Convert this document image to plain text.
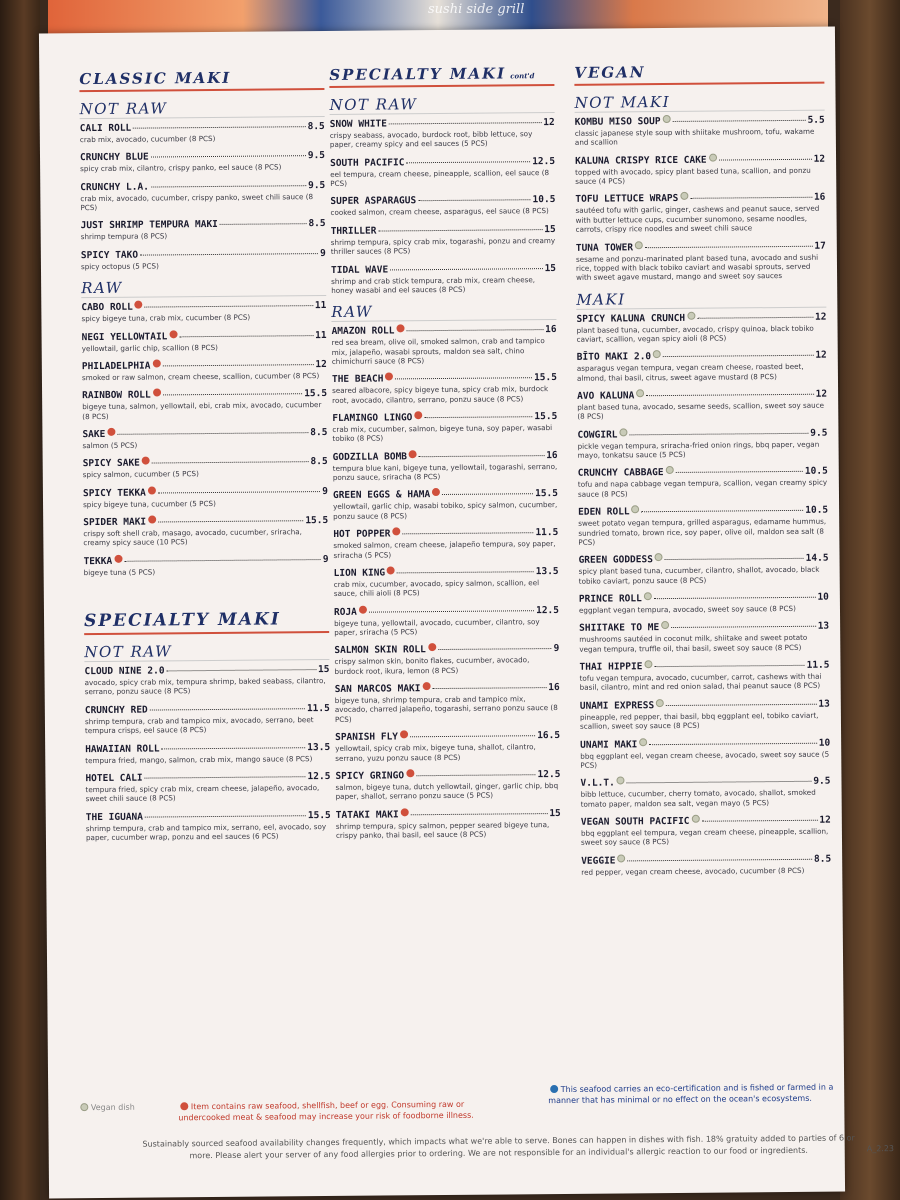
sushi side grill
CLASSIC MAKI
NOT RAW
CALI ROLL	8.5
crab mix, avocado, cucumber (8 PCS)
CRUNCHY BLUE	9.5
spicy crab mix, cilantro, crispy panko, eel sauce (8 PCS)
CRUNCHY L.A.	9.5
crab mix, avocado, cucumber, crispy panko, sweet chili sauce (8 PCS)
JUST SHRIMP TEMPURA MAKI	8.5
shrimp tempura (8 PCS)
SPICY TAKO	9
spicy octopus (5 PCS)
RAW
CABO ROLL	11
spicy bigeye tuna, crab mix, cucumber (8 PCS)
NEGI YELLOWTAIL	11
yellowtail, garlic chip, scallion (8 PCS)
PHILADELPHIA	12
smoked or raw salmon, cream cheese, scallion, cucumber (8 PCS)
RAINBOW ROLL	15.5
bigeye tuna, salmon, yellowtail, ebi, crab mix, avocado, cucumber (8 PCS)
SAKE	8.5
salmon (5 PCS)
SPICY SAKE	8.5
spicy salmon, cucumber (5 PCS)
SPICY TEKKA	9
spicy bigeye tuna, cucumber (5 PCS)
SPIDER MAKI	15.5
crispy soft shell crab, masago, avocado, cucumber, sriracha, creamy spicy sauce (10 PCS)
TEKKA	9
bigeye tuna (5 PCS)
SPECIALTY MAKI
NOT RAW
CLOUD NINE 2.0	15
avocado, spicy crab mix, tempura shrimp, baked seabass, cilantro, serrano, ponzu sauce (8 PCS)
CRUNCHY RED	11.5
shrimp tempura, crab and tampico mix, avocado, serrano, beet tempura crisps, eel sauce (8 PCS)
HAWAIIAN ROLL	13.5
tempura fried, mango, salmon, crab mix, mango sauce (8 PCS)
HOTEL CALI	12.5
tempura fried, spicy crab mix, cream cheese, jalapeño, avocado, sweet chili sauce (8 PCS)
THE IGUANA	15.5
shrimp tempura, crab and tampico mix, serrano, eel, avocado, soy paper, cucumber wrap, ponzu and eel sauces (6 PCS)
SPECIALTY MAKI cont'd
NOT RAW
SNOW WHITE	12
crispy seabass, avocado, burdock root, bibb lettuce, soy paper, creamy spicy and eel sauces (5 PCS)
SOUTH PACIFIC	12.5
eel tempura, cream cheese, pineapple, scallion, eel sauce (8 PCS)
SUPER ASPARAGUS	10.5
cooked salmon, cream cheese, asparagus, eel sauce (8 PCS)
THRILLER	15
shrimp tempura, spicy crab mix, togarashi, ponzu and creamy thriller sauces (8 PCS)
TIDAL WAVE	15
shrimp and crab stick tempura, crab mix, cream cheese, honey wasabi and eel sauces (8 PCS)
RAW
AMAZON ROLL	16
red sea bream, olive oil, smoked salmon, crab and tampico mix, jalapeño, wasabi sprouts, maldon sea salt, chino chimichurri sauce (8 PCS)
THE BEACH	15.5
seared albacore, spicy bigeye tuna, spicy crab mix, burdock root, avocado, cilantro, serrano, ponzu sauce (8 PCS)
FLAMINGO LINGO	15.5
crab mix, cucumber, salmon, bigeye tuna, soy paper, wasabi tobiko (8 PCS)
GODZILLA BOMB	16
tempura blue kani, bigeye tuna, yellowtail, togarashi, serrano, ponzu sauce, sriracha (8 PCS)
GREEN EGGS & HAMA	15.5
yellowtail, garlic chip, wasabi tobiko, spicy salmon, cucumber, ponzu sauce (8 PCS)
HOT POPPER	11.5
smoked salmon, cream cheese, jalapeño tempura, soy paper, sriracha (5 PCS)
LION KING	13.5
crab mix, cucumber, avocado, spicy salmon, scallion, eel sauce, chili aioli (8 PCS)
ROJA	12.5
bigeye tuna, yellowtail, avocado, cucumber, cilantro, soy paper, sriracha (5 PCS)
SALMON SKIN ROLL	9
crispy salmon skin, bonito flakes, cucumber, avocado, burdock root, ikura, lemon (8 PCS)
SAN MARCOS MAKI	16
bigeye tuna, shrimp tempura, crab and tampico mix, avocado, charred jalapeño, togarashi, serrano ponzu sauce (8 PCS)
SPANISH FLY	16.5
yellowtail, spicy crab mix, bigeye tuna, shallot, cilantro, serrano, yuzu ponzu sauce (8 PCS)
SPICY GRINGO	12.5
salmon, bigeye tuna, dutch yellowtail, ginger, garlic chip, bbq paper, shallot, serrano ponzu sauce (5 PCS)
TATAKI MAKI	15
shrimp tempura, spicy salmon, pepper seared bigeye tuna, crispy panko, thai basil, eel sauce (8 PCS)
VEGAN
NOT MAKI
KOMBU MISO SOUP	5.5
classic japanese style soup with shiitake mushroom, tofu, wakame and scallion
KALUNA CRISPY RICE CAKE	12
topped with avocado, spicy plant based tuna, scallion, and ponzu sauce (4 PCS)
TOFU LETTUCE WRAPS	16
sautéed tofu with garlic, ginger, cashews and peanut sauce, served with butter lettuce cups, cucumber sunomono, sesame noodles, carrots, crispy rice noodles and sweet chili sauce
TUNA TOWER	17
sesame and ponzu-marinated plant based tuna, avocado and sushi rice, topped with black tobiko caviart and wasabi sprouts, served with sweet agave mustard, mango and sweet soy sauces
MAKI
SPICY KALUNA CRUNCH	12
plant based tuna, cucumber, avocado, crispy quinoa, black tobiko caviart, scallion, vegan spicy aioli (8 PCS)
BĪTO MAKI 2.0	12
asparagus vegan tempura, vegan cream cheese, roasted beet, almond, thai basil, citrus, sweet agave mustard (8 PCS)
AVO KALUNA	12
plant based tuna, avocado, sesame seeds, scallion, sweet soy sauce (8 PCS)
COWGIRL	9.5
pickle vegan tempura, sriracha-fried onion rings, bbq paper, vegan mayo, tonkatsu sauce (5 PCS)
CRUNCHY CABBAGE	10.5
tofu and napa cabbage vegan tempura, scallion, vegan creamy spicy sauce (8 PCS)
EDEN ROLL	10.5
sweet potato vegan tempura, grilled asparagus, edamame hummus, sundried tomato, brown rice, soy paper, olive oil, maldon sea salt (8 PCS)
GREEN GODDESS	14.5
spicy plant based tuna, cucumber, cilantro, shallot, avocado, black tobiko caviart, ponzu sauce (8 PCS)
PRINCE ROLL	10
eggplant vegan tempura, avocado, sweet soy sauce (8 PCS)
SHIITAKE TO ME	13
mushrooms sautéed in coconut milk, shiitake and sweet potato vegan tempura, truffle oil, thai basil, sweet soy sauce (8 PCS)
THAI HIPPIE	11.5
tofu vegan tempura, avocado, cucumber, carrot, cashews with thai basil, cilantro, mint and red onion salad, thai peanut sauce (8 PCS)
UNAMI EXPRESS	13
pineapple, red pepper, thai basil, bbq eggplant eel, tobiko caviart, scallion, sweet soy sauce (8 PCS)
UNAMI MAKI	10
bbq eggplant eel, vegan cream cheese, avocado, sweet soy sauce (5 PCS)
V.L.T.	9.5
bibb lettuce, cucumber, cherry tomato, avocado, shallot, smoked tomato paper, maldon sea salt, vegan mayo (5 PCS)
VEGAN SOUTH PACIFIC	12
bbq eggplant eel tempura, vegan cream cheese, pineapple, scallion, sweet soy sauce (8 PCS)
VEGGIE	8.5
red pepper, vegan cream cheese, avocado, cucumber (8 PCS)
Vegan dish	Item contains raw seafood, shellfish, beef or egg. Consuming raw or undercooked meat & seafood may increase your risk of foodborne illness.
This seafood carries an eco-certification and is fished or farmed in a manner that has minimal or no effect on the ocean's ecosystems.
Sustainably sourced seafood availability changes frequently, which impacts what we're able to serve. Bones can happen in dishes with fish. 18% gratuity added to parties of 6 or more. Please alert your server of any food allergies prior to ordering. We are not responsible for an individual's allergic reaction to our food or ingredients.	A_2.23
